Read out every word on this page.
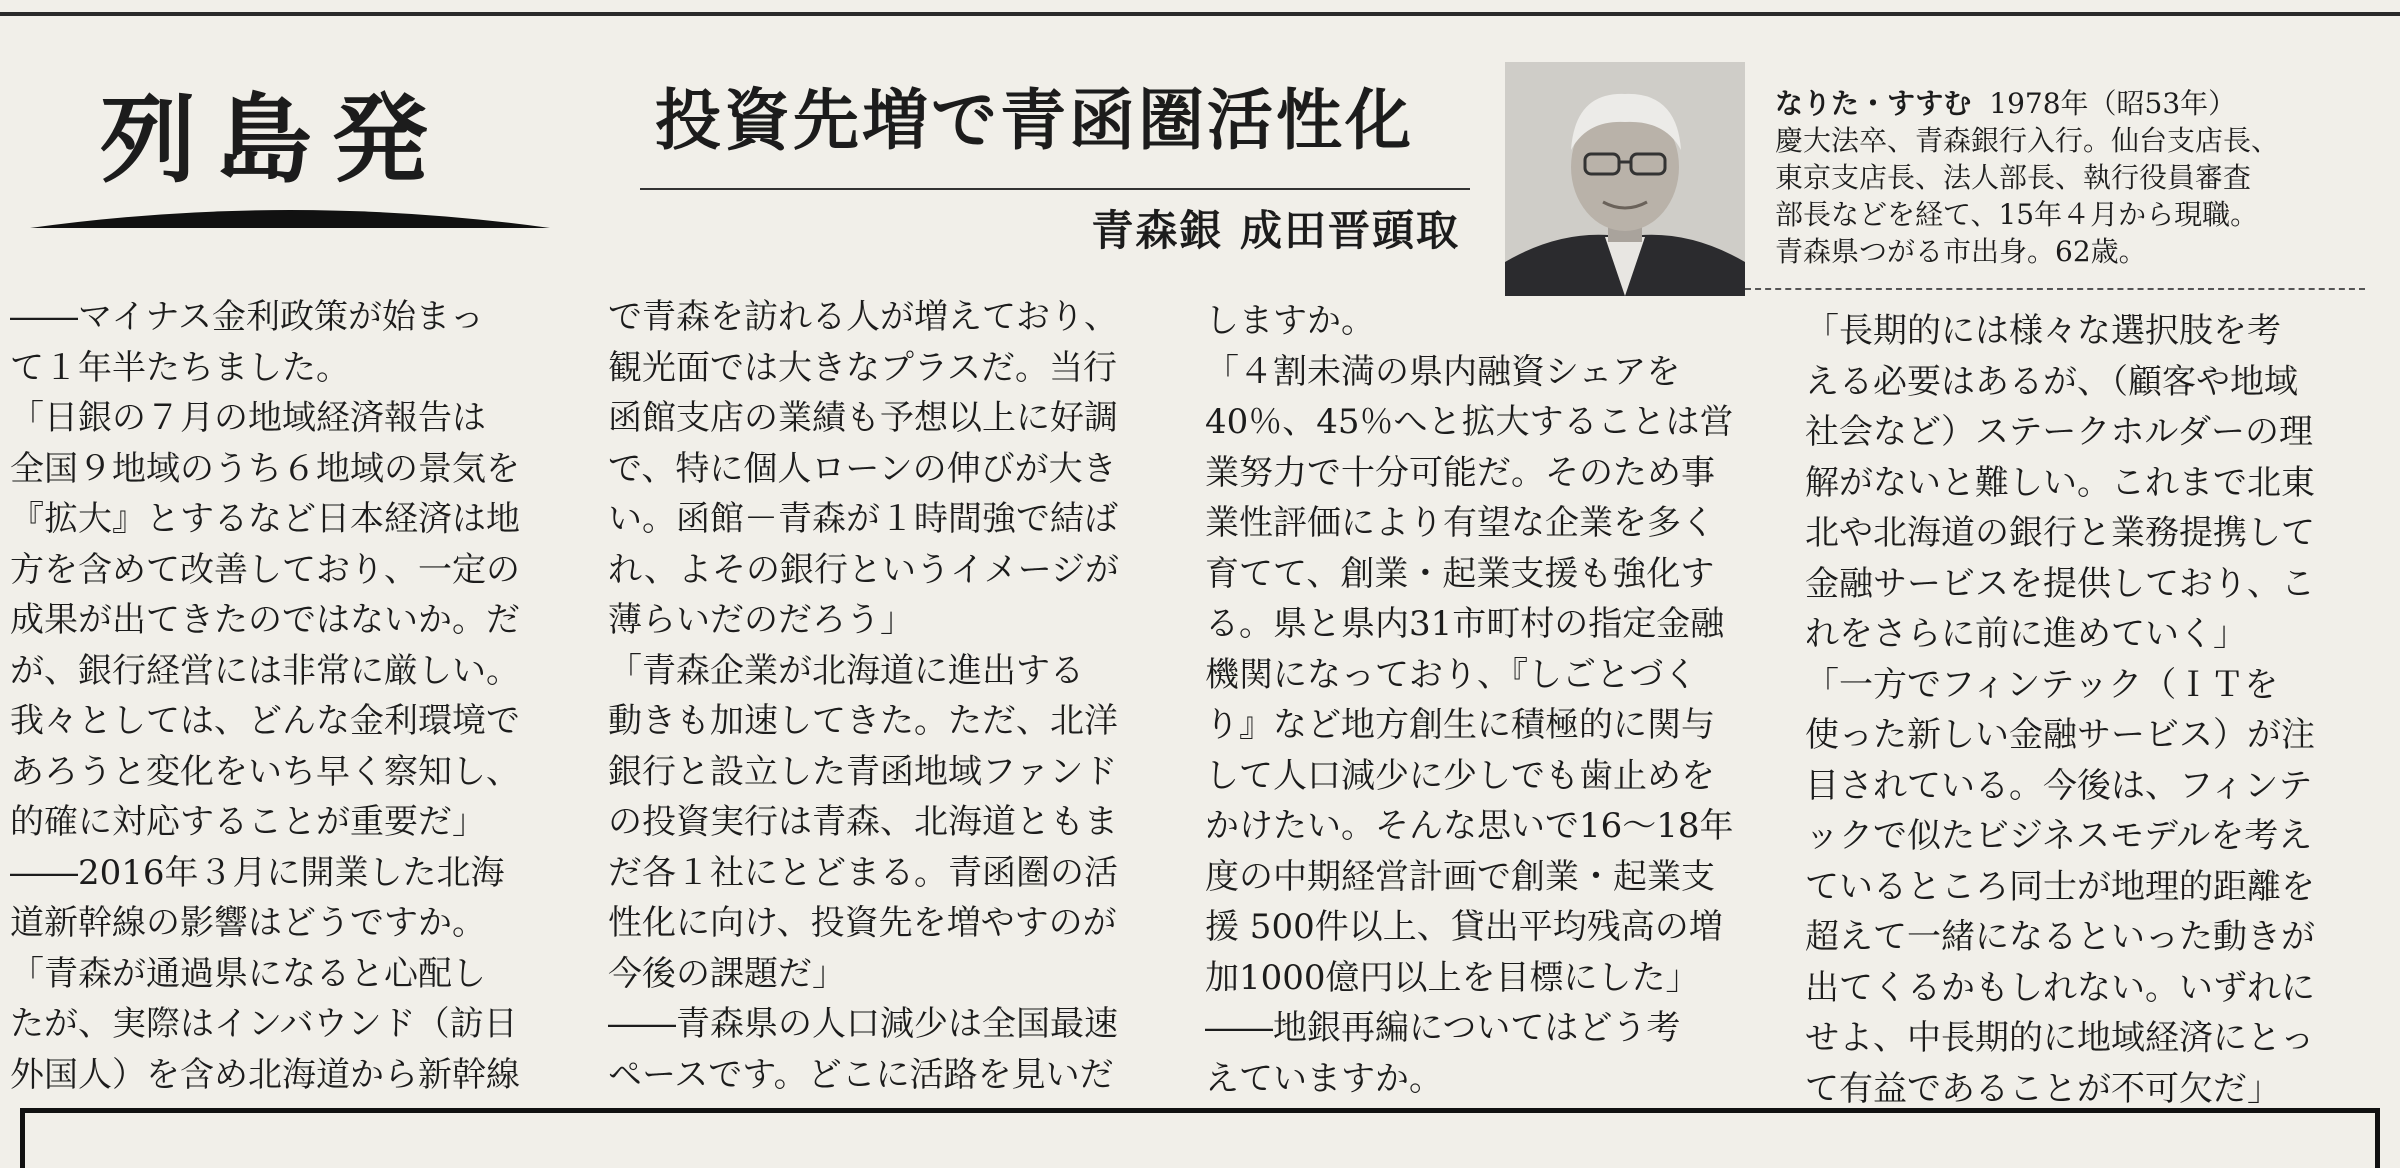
列島発	投資先増で青函圏活性化
青森銀 成田晋頭取
なりた・すすむ 1978年（昭53年）
慶大法卒、青森銀行入行。仙台支店長、
東京支店長、法人部長、執行役員審査
部長などを経て、15年４月から現職。
青森県つがる市出身。62歳。
――マイナス金利政策が始まっ
て１年半たちました。
「日銀の７月の地域経済報告は
全国９地域のうち６地域の景気を
『拡大』とするなど日本経済は地
方を含めて改善しており、一定の
成果が出てきたのではないか。だ
が、銀行経営には非常に厳しい。
我々としては、どんな金利環境で
あろうと変化をいち早く察知し、
的確に対応することが重要だ」
――2016年３月に開業した北海
道新幹線の影響はどうですか。
「青森が通過県になると心配し
たが、実際はインバウンド（訪日
外国人）を含め北海道から新幹線
で青森を訪れる人が増えており、
観光面では大きなプラスだ。当行
函館支店の業績も予想以上に好調
で、特に個人ローンの伸びが大き
い。函館－青森が１時間強で結ば
れ、よその銀行というイメージが
薄らいだのだろう」
「青森企業が北海道に進出する
動きも加速してきた。ただ、北洋
銀行と設立した青函地域ファンド
の投資実行は青森、北海道ともま
だ各１社にとどまる。青函圏の活
性化に向け、投資先を増やすのが
今後の課題だ」
――青森県の人口減少は全国最速
ペースです。どこに活路を見いだ
しますか。
「４割未満の県内融資シェアを
40％、45％へと拡大することは営
業努力で十分可能だ。そのため事
業性評価により有望な企業を多く
育てて、創業・起業支援も強化す
る。県と県内31市町村の指定金融
機関になっており、『しごとづく
り』など地方創生に積極的に関与
して人口減少に少しでも歯止めを
かけたい。そんな思いで16～18年
度の中期経営計画で創業・起業支
援 500件以上、貸出平均残高の増
加1000億円以上を目標にした」
――地銀再編についてはどう考
えていますか。
「長期的には様々な選択肢を考
える必要はあるが、（顧客や地域
社会など）ステークホルダーの理
解がないと難しい。これまで北東
北や北海道の銀行と業務提携して
金融サービスを提供しており、こ
れをさらに前に進めていく」
「一方でフィンテック（ＩＴを
使った新しい金融サービス）が注
目されている。今後は、フィンテ
ックで似たビジネスモデルを考え
ているところ同士が地理的距離を
超えて一緒になるといった動きが
出てくるかもしれない。いずれに
せよ、中長期的に地域経済にとっ
て有益であることが不可欠だ」
